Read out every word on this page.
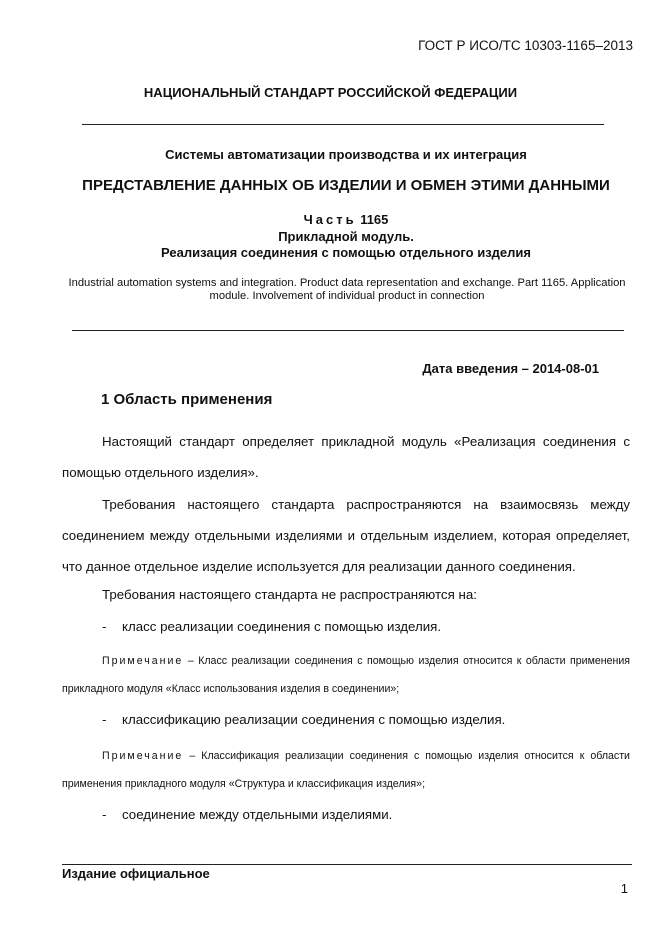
ГОСТ Р ИСО/ТС 10303-1165–2013
НАЦИОНАЛЬНЫЙ СТАНДАРТ РОССИЙСКОЙ ФЕДЕРАЦИИ
Системы автоматизации производства и их интеграция
ПРЕДСТАВЛЕНИЕ ДАННЫХ ОБ ИЗДЕЛИИ И ОБМЕН ЭТИМИ ДАННЫМИ
Часть 1165
Прикладной модуль.
Реализация соединения с помощью отдельного изделия
Industrial automation systems and integration. Product data representation and exchange. Part 1165. Application module. Involvement of individual product in connection
Дата введения – 2014-08-01
1 Область применения
Настоящий стандарт определяет прикладной модуль «Реализация соединения с помощью отдельного изделия».
Требования настоящего стандарта распространяются на взаимосвязь между соединением между отдельными изделиями и отдельным изделием, которая определяет, что данное отдельное изделие используется для реализации данного соединения.
Требования настоящего стандарта не распространяются на:
- класс реализации соединения с помощью изделия.
Примечание – Класс реализации соединения с помощью изделия относится к области применения прикладного модуля «Класс использования изделия в соединении»;
- классификацию реализации соединения с помощью изделия.
Примечание – Классификация реализации соединения с помощью изделия относится к области применения прикладного модуля «Структура и классификация изделия»;
- соединение между отдельными изделиями.
Издание официальное
1
